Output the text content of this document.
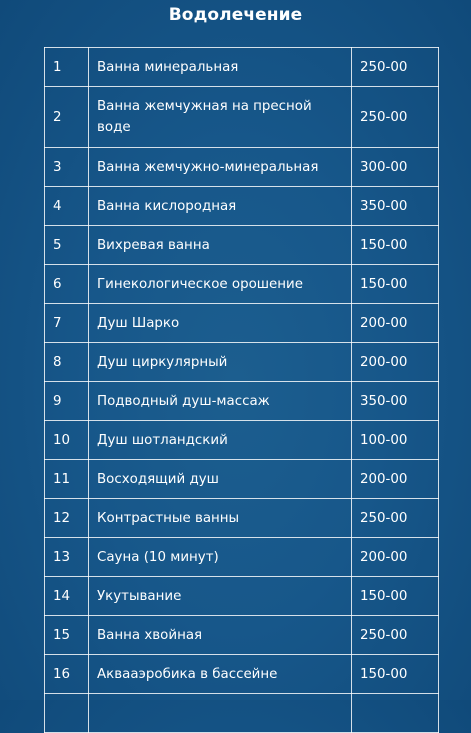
Водолечение
1	Ванна минеральная	250-00
2	Ванна жемчужная на пресной воде	250-00
3	Ванна жемчужно-минеральная	300-00
4	Ванна кислородная	350-00
5	Вихревая ванна	150-00
6	Гинекологическое орошение	150-00
7	Душ Шарко	200-00
8	Душ циркулярный	200-00
9	Подводный душ-массаж	350-00
10	Душ шотландский	100-00
11	Восходящий душ	200-00
12	Контрастные ванны	250-00
13	Сауна (10 минут)	200-00
14	Укутывание	150-00
15	Ванна хвойная	250-00
16	Аквааэробика в бассейне	150-00
